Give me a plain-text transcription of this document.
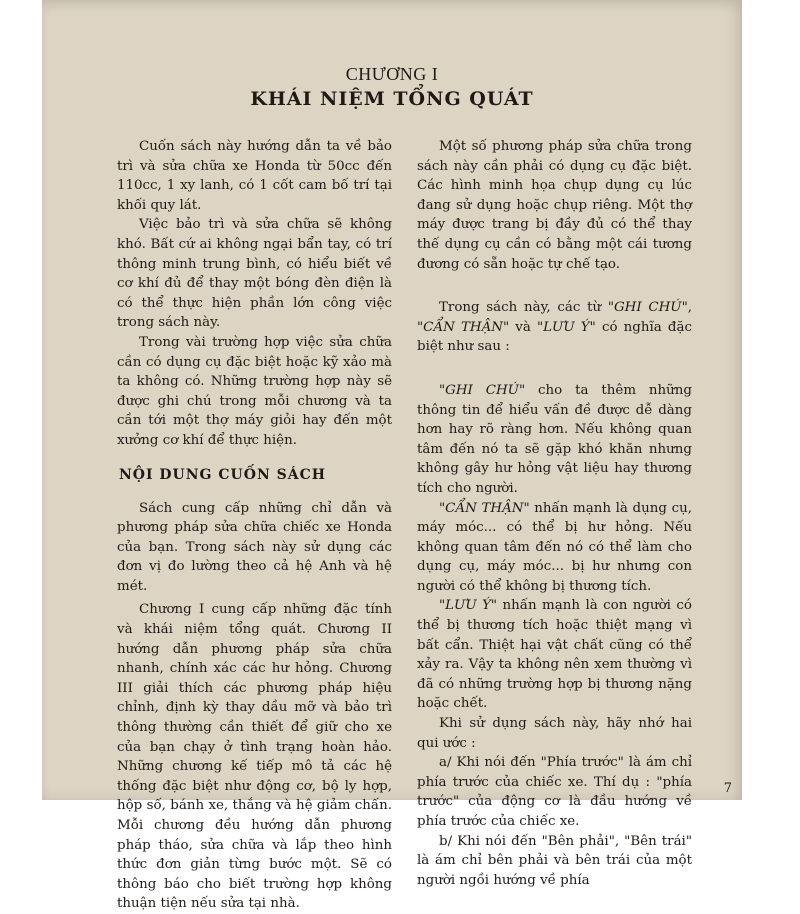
CHƯƠNG I
KHÁI NIỆM TỔNG QUÁT

Cuốn sách này hướng dẫn ta về bảo trì và sửa chữa xe Honda từ 50cc đến 110cc, 1 xy lanh, có 1 cốt cam bố trí tại khối quy lát.

Việc bảo trì và sửa chữa sẽ không khó. Bất cứ ai không ngại bẩn tay, có trí thông minh trung bình, có hiểu biết về cơ khí đủ để thay một bóng đèn điện là có thể thực hiện phần lớn công việc trong sách này.

Trong vài trường hợp việc sửa chữa cần có dụng cụ đặc biệt hoặc kỹ xảo mà ta không có. Những trường hợp này sẽ được ghi chú trong mỗi chương và ta cần tới một thợ máy giỏi hay đến một xưởng cơ khí để thực hiện.

NỘI DUNG CUỐN SÁCH

Sách cung cấp những chỉ dẫn và phương pháp sửa chữa chiếc xe Honda của bạn. Trong sách này sử dụng các đơn vị đo lường theo cả hệ Anh và hệ mét.

Chương I cung cấp những đặc tính và khái niệm tổng quát. Chương II hướng dẫn phương pháp sửa chữa nhanh, chính xác các hư hỏng. Chương III giải thích các phương pháp hiệu chỉnh, định kỳ thay dầu mỡ và bảo trì thông thường cần thiết để giữ cho xe của bạn chạy ở tình trạng hoàn hảo. Những chương kế tiếp mô tả các hệ thống đặc biệt như động cơ, bộ ly hợp, hộp số, bánh xe, thắng và hệ giảm chấn. Mỗi chương đều hướng dẫn phương pháp tháo, sửa chữa và lắp theo hình thức đơn giản từng bước một. Sẽ có thông báo cho biết trường hợp không thuận tiện nếu sửa tại nhà.

Một số phương pháp sửa chữa trong sách này cần phải có dụng cụ đặc biệt. Các hình minh họa chụp dụng cụ lúc đang sử dụng hoặc chụp riêng. Một thợ máy được trang bị đầy đủ có thể thay thế dụng cụ cần có bằng một cái tương đương có sẵn hoặc tự chế tạo.

Trong sách này, các từ "GHI CHÚ", "CẨN THẬN" và "LƯU Ý" có nghĩa đặc biệt như sau :

"GHI CHÚ" cho ta thêm những thông tin để hiểu vấn đề được dễ dàng hơn hay rõ ràng hơn. Nếu không quan tâm đến nó ta sẽ gặp khó khăn nhưng không gây hư hỏng vật liệu hay thương tích cho người.

"CẨN THẬN" nhấn mạnh là dụng cụ, máy móc... có thể bị hư hỏng. Nếu không quan tâm đến nó có thể làm cho dụng cụ, máy móc... bị hư nhưng con người có thể không bị thương tích.

"LƯU Ý" nhấn mạnh là con người có thể bị thương tích hoặc thiệt mạng vì bất cẩn. Thiệt hại vật chất cũng có thể xảy ra. Vậy ta không nên xem thường vì đã có những trường hợp bị thương nặng hoặc chết.

Khi sử dụng sách này, hãy nhớ hai qui ước :

a/ Khi nói đến "Phía trước" là ám chỉ phía trước của chiếc xe. Thí dụ : "phía trước" của động cơ là đầu hướng về phía trước của chiếc xe.

b/ Khi nói đến "Bên phải", "Bên trái" là ám chỉ bên phải và bên trái của một người ngồi hướng về phía

7
